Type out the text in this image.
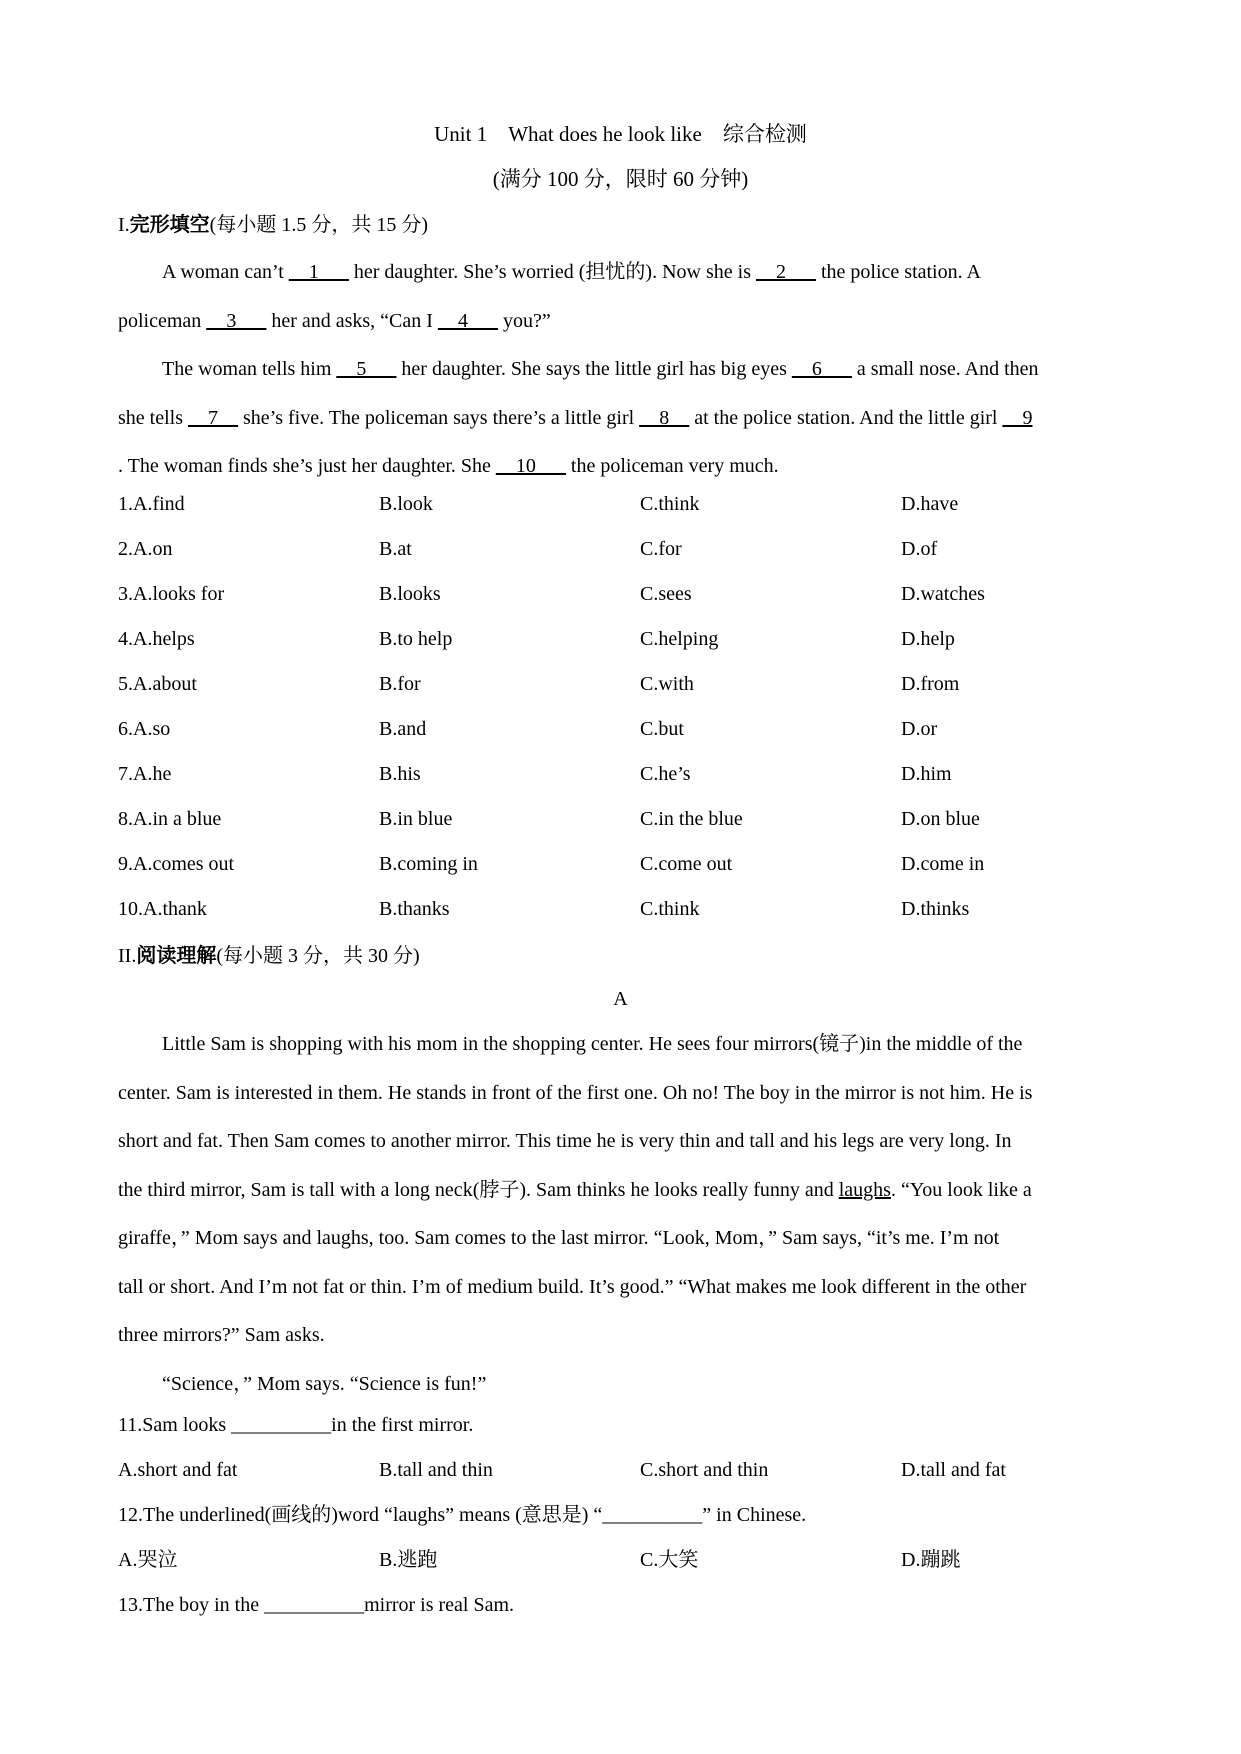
Unit 1　What does he look like　综合检测
(满分 100 分，限时 60 分钟)
I.完形填空(每小题 1.5 分，共 15 分)
A woman can’t __1___ her daughter. She’s worried (担忧的). Now she is __2___ the police station. A
policeman __3___ her and asks, “Can I __4___ you?”
The woman tells him __5___ her daughter. She says the little girl has big eyes __6___ a small nose. And then
she tells __7__ she’s five. The policeman says there’s a little girl __8__ at the police station. And the little girl __9
. The woman finds she’s just her daughter. She __10___ the policeman very much.
1.A.find	B.look	C.think	D.have
2.A.on	B.at	C.for	D.of
3.A.looks for	B.looks	C.sees	D.watches
4.A.helps	B.to help	C.helping	D.help
5.A.about	B.for	C.with	D.from
6.A.so	B.and	C.but	D.or
7.A.he	B.his	C.he’s	D.him
8.A.in a blue	B.in blue	C.in the blue	D.on blue
9.A.comes out	B.coming in	C.come out	D.come in
10.A.thank	B.thanks	C.think	D.thinks
II.阅读理解(每小题 3 分，共 30 分)
A
Little Sam is shopping with his mom in the shopping center. He sees four mirrors(镜子)in the middle of the
center. Sam is interested in them. He stands in front of the first one. Oh no! The boy in the mirror is not him. He is
short and fat. Then Sam comes to another mirror. This time he is very thin and tall and his legs are very long. In
the third mirror, Sam is tall with a long neck(脖子). Sam thinks he looks really funny and laughs. “You look like a
giraffe，” Mom says and laughs, too. Sam comes to the last mirror. “Look, Mom，” Sam says, “it’s me. I’m not
tall or short. And I’m not fat or thin. I’m of medium build. It’s good.” “What makes me look different in the other
three mirrors?” Sam asks.
“Science，” Mom says. “Science is fun!”
11.Sam looks __________in the first mirror.
A.short and fat	B.tall and thin	C.short and thin	D.tall and fat
12.The underlined(画线的)word “laughs” means (意思是) “__________” in Chinese.
A.哭泣	B.逃跑	C.大笑	D.蹦跳
13.The boy in the __________mirror is real Sam.
